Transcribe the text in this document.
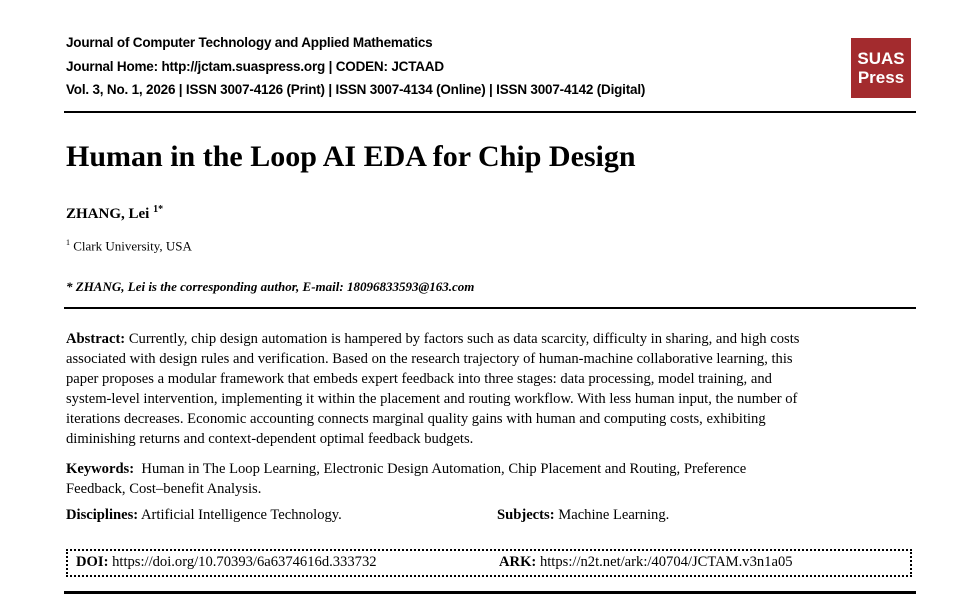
Journal of Computer Technology and Applied Mathematics
Journal Home: http://jctam.suaspress.org | CODEN: JCTAAD
Vol. 3, No. 1, 2026 | ISSN 3007-4126 (Print) | ISSN 3007-4134 (Online) | ISSN 3007-4142 (Digital)
SUAS
Press
Human in the Loop AI EDA for Chip Design
ZHANG, Lei $^{1*}$
$^1$ Clark University, USA
* ZHANG, Lei is the corresponding author, E-mail: 18096833593@163.com
Abstract: Currently, chip design automation is hampered by factors such as data scarcity, difficulty in sharing, and high costs
associated with design rules and verification. Based on the research trajectory of human-machine collaborative learning, this
paper proposes a modular framework that embeds expert feedback into three stages: data processing, model training, and
system-level intervention, implementing it within the placement and routing workflow. With less human input, the number of
iterations decreases. Economic accounting connects marginal quality gains with human and computing costs, exhibiting
diminishing returns and context-dependent optimal feedback budgets.
Keywords: Human in The Loop Learning, Electronic Design Automation, Chip Placement and Routing, Preference
Feedback, Cost–benefit Analysis.
Disciplines: Artificial Intelligence Technology.	Subjects: Machine Learning.
DOI: https://doi.org/10.70393/6a6374616d.333732	ARK: https://n2t.net/ark:/40704/JCTAM.v3n1a05
